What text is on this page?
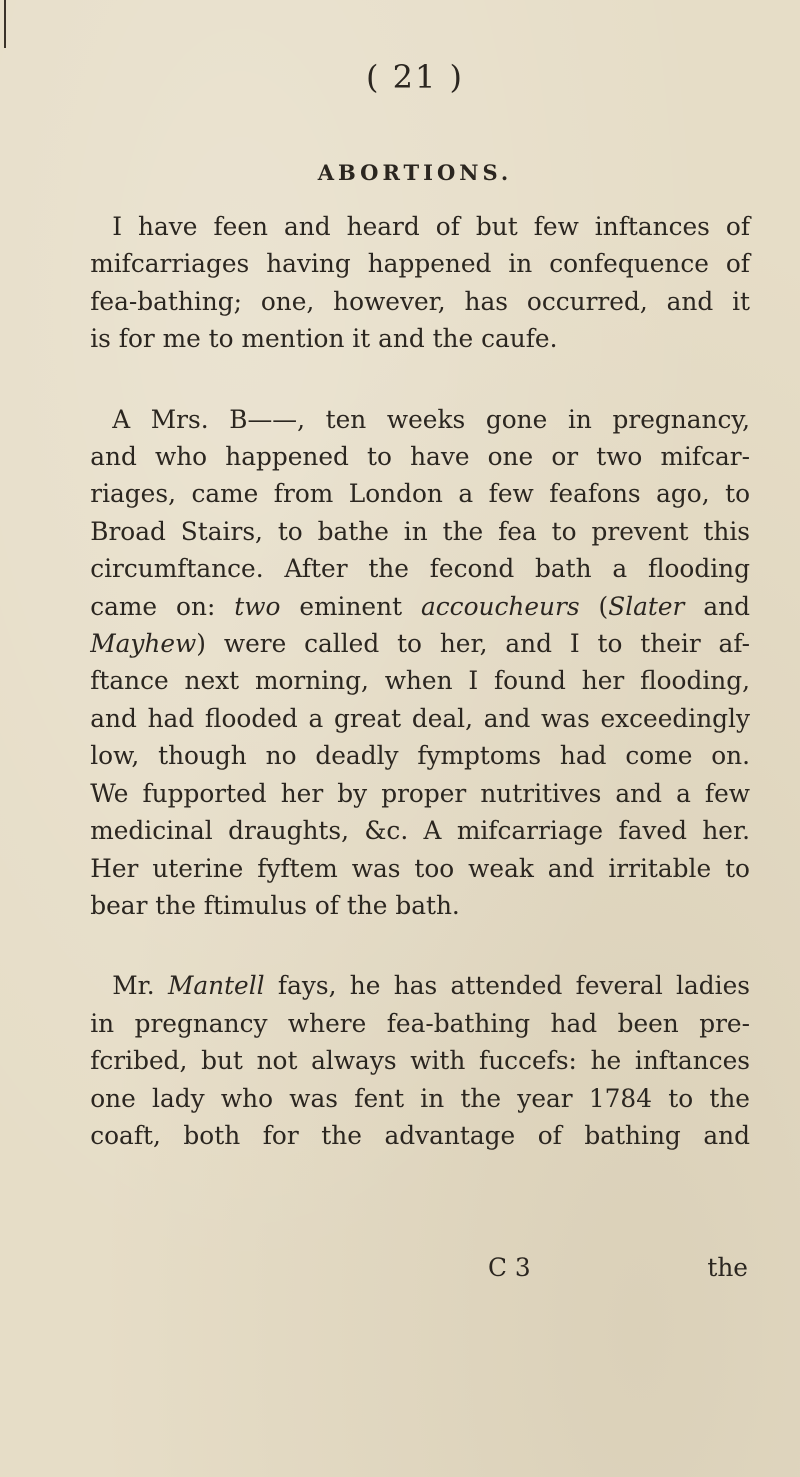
( 21 )
ABORTIONS.

I have feen and heard of but few inftances of
mifcarriages having happened in confequence of
fea-bathing; one, however, has occurred, and it
is for me to mention it and the caufe.

A Mrs. B——, ten weeks gone in pregnancy,
and who happened to have one or two mifcar-
riages, came from London a few feafons ago, to
Broad Stairs, to bathe in the fea to prevent this
circumftance. After the fecond bath a flooding
came on: two eminent accoucheurs (Slater and
Mayhew) were called to her, and I to their af-
ftance next morning, when I found her flooding,
and had flooded a great deal, and was exceedingly
low, though no deadly fymptoms had come on.
We fupported her by proper nutritives and a few
medicinal draughts, &c. A mifcarriage faved her.
Her uterine fyftem was too weak and irritable to
bear the ftimulus of the bath.

Mr. Mantell fays, he has attended feveral ladies
in pregnancy where fea-bathing had been pre-
fcribed, but not always with fuccefs: he inftances
one lady who was fent in the year 1784 to the
coaft, both for the advantage of bathing and

C 3	the
